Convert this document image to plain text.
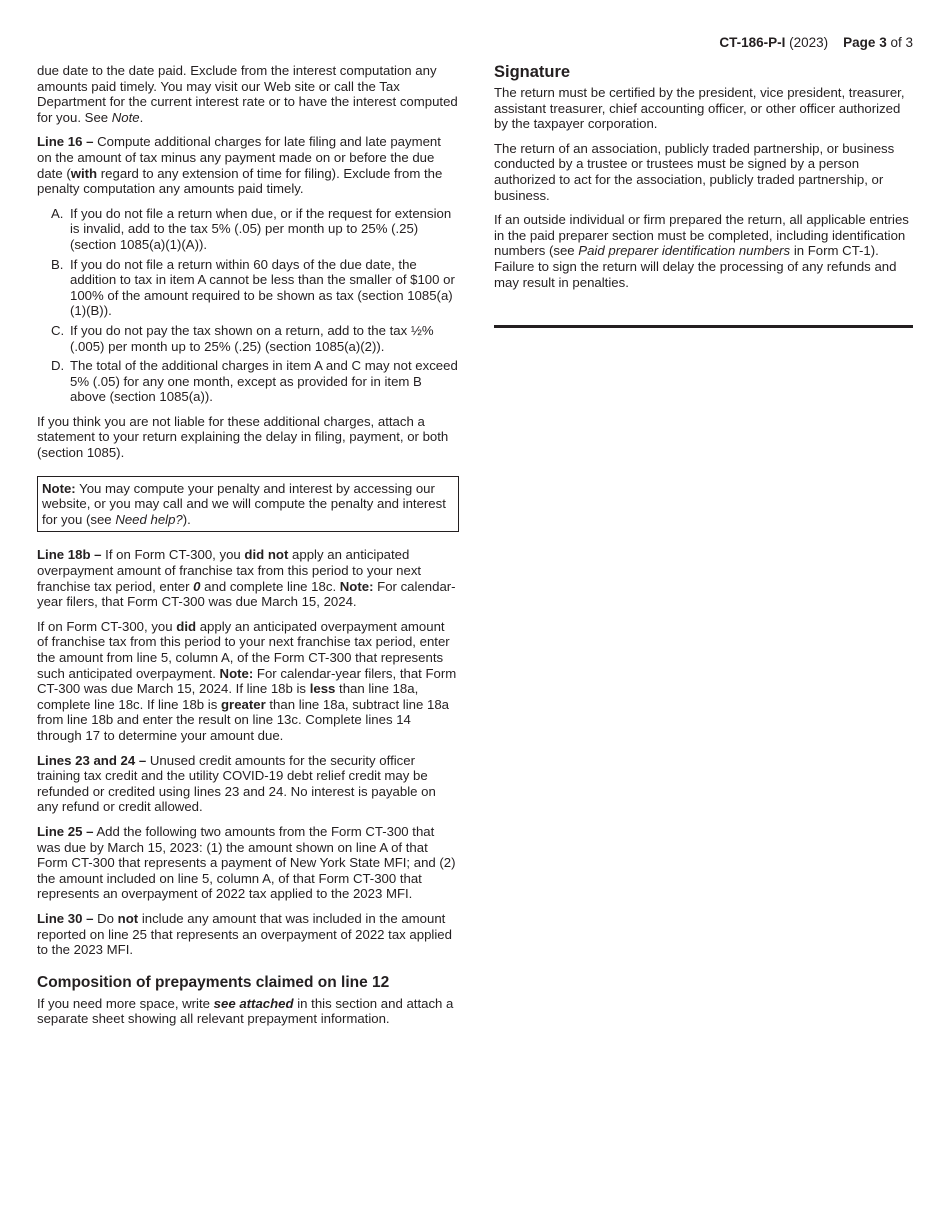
CT-186-P-I (2023) Page 3 of 3

due date to the date paid. Exclude from the interest computation any amounts paid timely. You may visit our Web site or call the Tax Department for the current interest rate or to have the interest computed for you. See Note.

Line 16 – Compute additional charges for late filing and late payment on the amount of tax minus any payment made on or before the due date (with regard to any extension of time for filing). Exclude from the penalty computation any amounts paid timely.

A. If you do not file a return when due, or if the request for extension is invalid, add to the tax 5% (.05) per month up to 25% (.25) (section 1085(a)(1)(A)).
B. If you do not file a return within 60 days of the due date, the addition to tax in item A cannot be less than the smaller of $100 or 100% of the amount required to be shown as tax (section 1085(a)(1)(B)).
C. If you do not pay the tax shown on a return, add to the tax ½% (.005) per month up to 25% (.25) (section 1085(a)(2)).
D. The total of the additional charges in item A and C may not exceed 5% (.05) for any one month, except as provided for in item B above (section 1085(a)).

If you think you are not liable for these additional charges, attach a statement to your return explaining the delay in filing, payment, or both (section 1085).

Note: You may compute your penalty and interest by accessing our website, or you may call and we will compute the penalty and interest for you (see Need help?).

Line 18b – If on Form CT-300, you did not apply an anticipated overpayment amount of franchise tax from this period to your next franchise tax period, enter 0 and complete line 18c. Note: For calendar-year filers, that Form CT-300 was due March 15, 2024.

If on Form CT-300, you did apply an anticipated overpayment amount of franchise tax from this period to your next franchise tax period, enter the amount from line 5, column A, of the Form CT-300 that represents such anticipated overpayment. Note: For calendar-year filers, that Form CT-300 was due March 15, 2024. If line 18b is less than line 18a, complete line 18c. If line 18b is greater than line 18a, subtract line 18a from line 18b and enter the result on line 13c. Complete lines 14 through 17 to determine your amount due.

Lines 23 and 24 – Unused credit amounts for the security officer training tax credit and the utility COVID-19 debt relief credit may be refunded or credited using lines 23 and 24. No interest is payable on any refund or credit allowed.

Line 25 – Add the following two amounts from the Form CT-300 that was due by March 15, 2023: (1) the amount shown on line A of that Form CT-300 that represents a payment of New York State MFI; and (2) the amount included on line 5, column A, of that Form CT-300 that represents an overpayment of 2022 tax applied to the 2023 MFI.

Line 30 – Do not include any amount that was included in the amount reported on line 25 that represents an overpayment of 2022 tax applied to the 2023 MFI.

Composition of prepayments claimed on line 12

If you need more space, write see attached in this section and attach a separate sheet showing all relevant prepayment information.

Signature

The return must be certified by the president, vice president, treasurer, assistant treasurer, chief accounting officer, or other officer authorized by the taxpayer corporation.

The return of an association, publicly traded partnership, or business conducted by a trustee or trustees must be signed by a person authorized to act for the association, publicly traded partnership, or business.

If an outside individual or firm prepared the return, all applicable entries in the paid preparer section must be completed, including identification numbers (see Paid preparer identification numbers in Form CT-1). Failure to sign the return will delay the processing of any refunds and may result in penalties.
